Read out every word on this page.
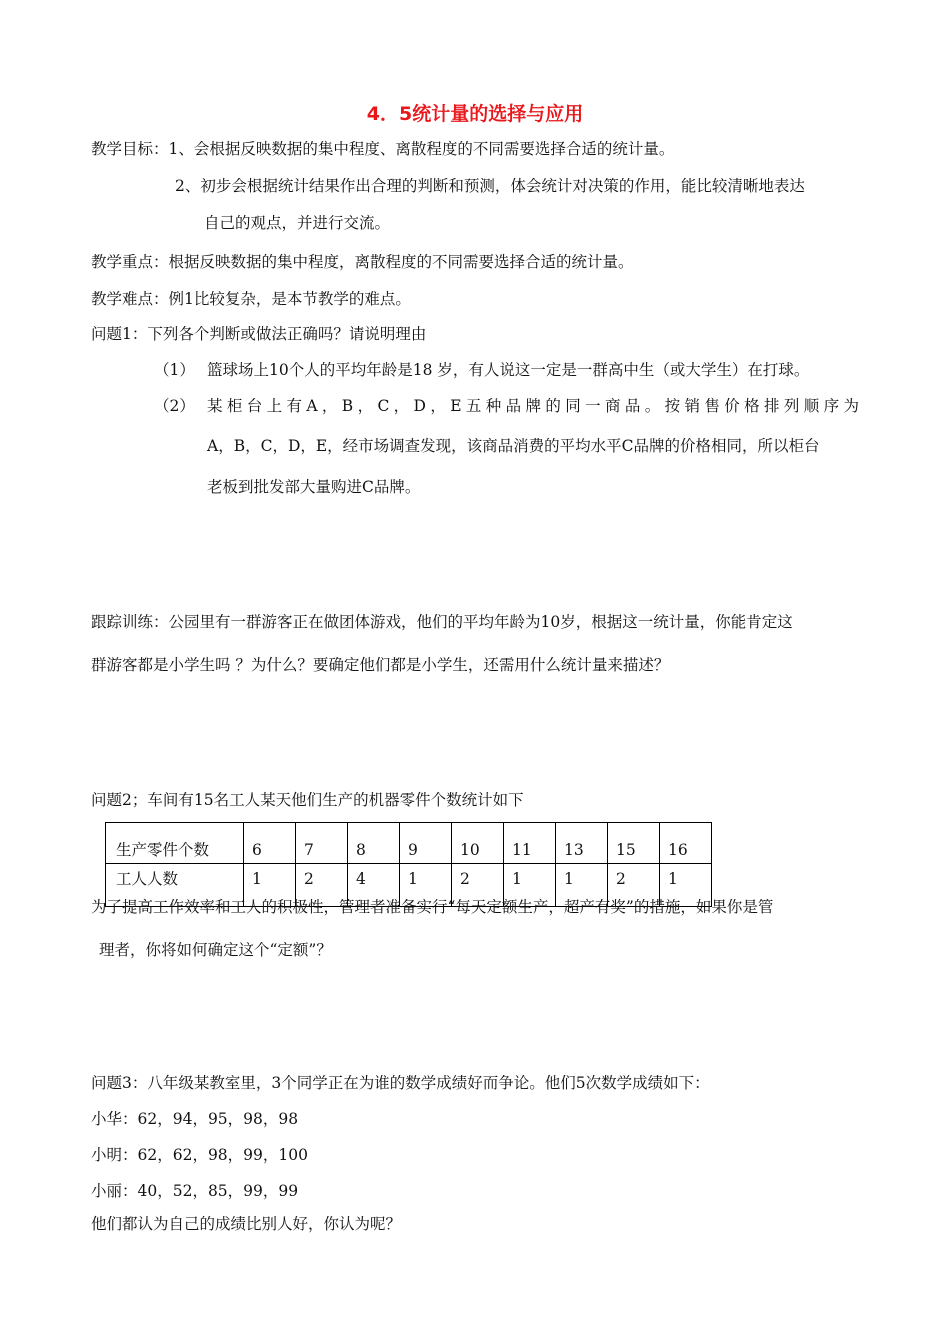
4．5统计量的选择与应用
教学目标：1、会根据反映数据的集中程度、离散程度的不同需要选择合适的统计量。
2、初步会根据统计结果作出合理的判断和预测，体会统计对决策的作用，能比较清晰地表达
自己的观点，并进行交流。
教学重点：根据反映数据的集中程度，离散程度的不同需要选择合适的统计量。
教学难点：例1比较复杂，是本节教学的难点。
问题1：下列各个判断或做法正确吗？请说明理由
（1） 篮球场上10个人的平均年龄是18 岁，有人说这一定是一群高中生（或大学生）在打球。
（2） 某柜台上有A，B，C，D，E五种品牌的同一商品。按销售价格排列顺序为
A，B，C，D，E，经市场调查发现，该商品消费的平均水平C品牌的价格相同，所以柜台
老板到批发部大量购进C品牌。
跟踪训练：公园里有一群游客正在做团体游戏，他们的平均年龄为10岁，根据这一统计量，你能肯定这
群游客都是小学生吗 ？为什么？要确定他们都是小学生，还需用什么统计量来描述？
问题2；车间有15名工人某天他们生产的机器零件个数统计如下
生产零件个数	6	7	8	9	10	11	13	15	16
工人人数	1	2	4	1	2	1	1	2	1
为了提高工作效率和工人的积极性，管理者准备实行“每天定额生产，超产有奖”的措施，如果你是管
理者，你将如何确定这个“定额”？
问题3：八年级某教室里，3个同学正在为谁的数学成绩好而争论。他们5次数学成绩如下：
小华：62，94，95，98，98
小明：62，62，98，99，100
小丽：40，52，85，99，99
他们都认为自己的成绩比别人好，你认为呢？
